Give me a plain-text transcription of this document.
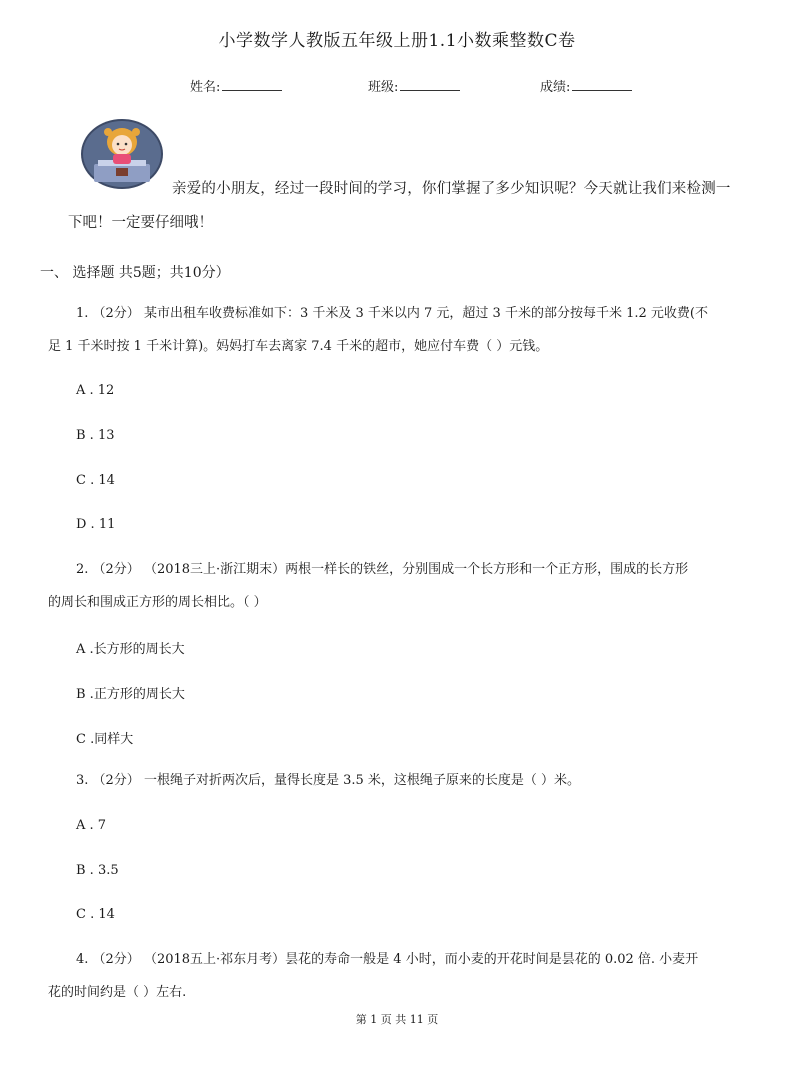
小学数学人教版五年级上册1.1小数乘整数C卷
姓名:	班级:	成绩:
亲爱的小朋友，经过一段时间的学习，你们掌握了多少知识呢？今天就让我们来检测一
下吧！一定要仔细哦！
一、 选择题 共5题；共10分）
1. （2分） 某市出租车收费标准如下：3 千米及 3 千米以内 7 元，超过 3 千米的部分按每千米 1.2 元收费(不
足 1 千米时按 1 千米计算)。妈妈打车去离家 7.4 千米的超市，她应付车费（ ）元钱。
A . 12
B . 13
C . 14
D . 11
2. （2分） （2018三上·浙江期末）两根一样长的铁丝，分别围成一个长方形和一个正方形，围成的长方形
的周长和围成正方形的周长相比。（ ）
A .长方形的周长大
B .正方形的周长大
C .同样大
3. （2分） 一根绳子对折两次后，量得长度是 3.5 米，这根绳子原来的长度是（ ）米。
A . 7
B . 3.5
C . 14
4. （2分） （2018五上·祁东月考）昙花的寿命一般是 4 小时，而小麦的开花时间是昙花的 0.02 倍. 小麦开
花的时间约是（ ）左右.
第 1 页 共 11 页
